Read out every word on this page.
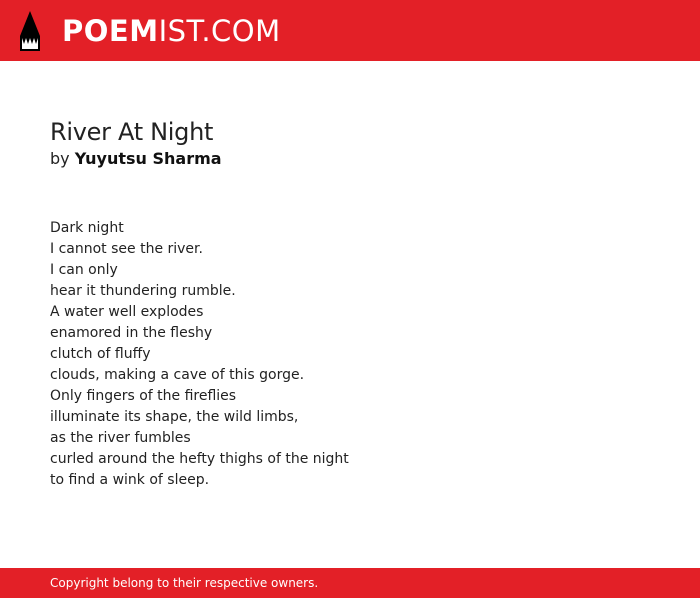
POEMIST.COM
River At Night
by Yuyutsu Sharma
Dark night
I cannot see the river.
I can only
hear it thundering rumble.
A water well explodes
enamored in the fleshy
clutch of fluffy
clouds, making a cave of this gorge.
Only fingers of the fireflies
illuminate its shape, the wild limbs,
as the river fumbles
curled around the hefty thighs of the night
to find a wink of sleep.
Copyright belong to their respective owners.
